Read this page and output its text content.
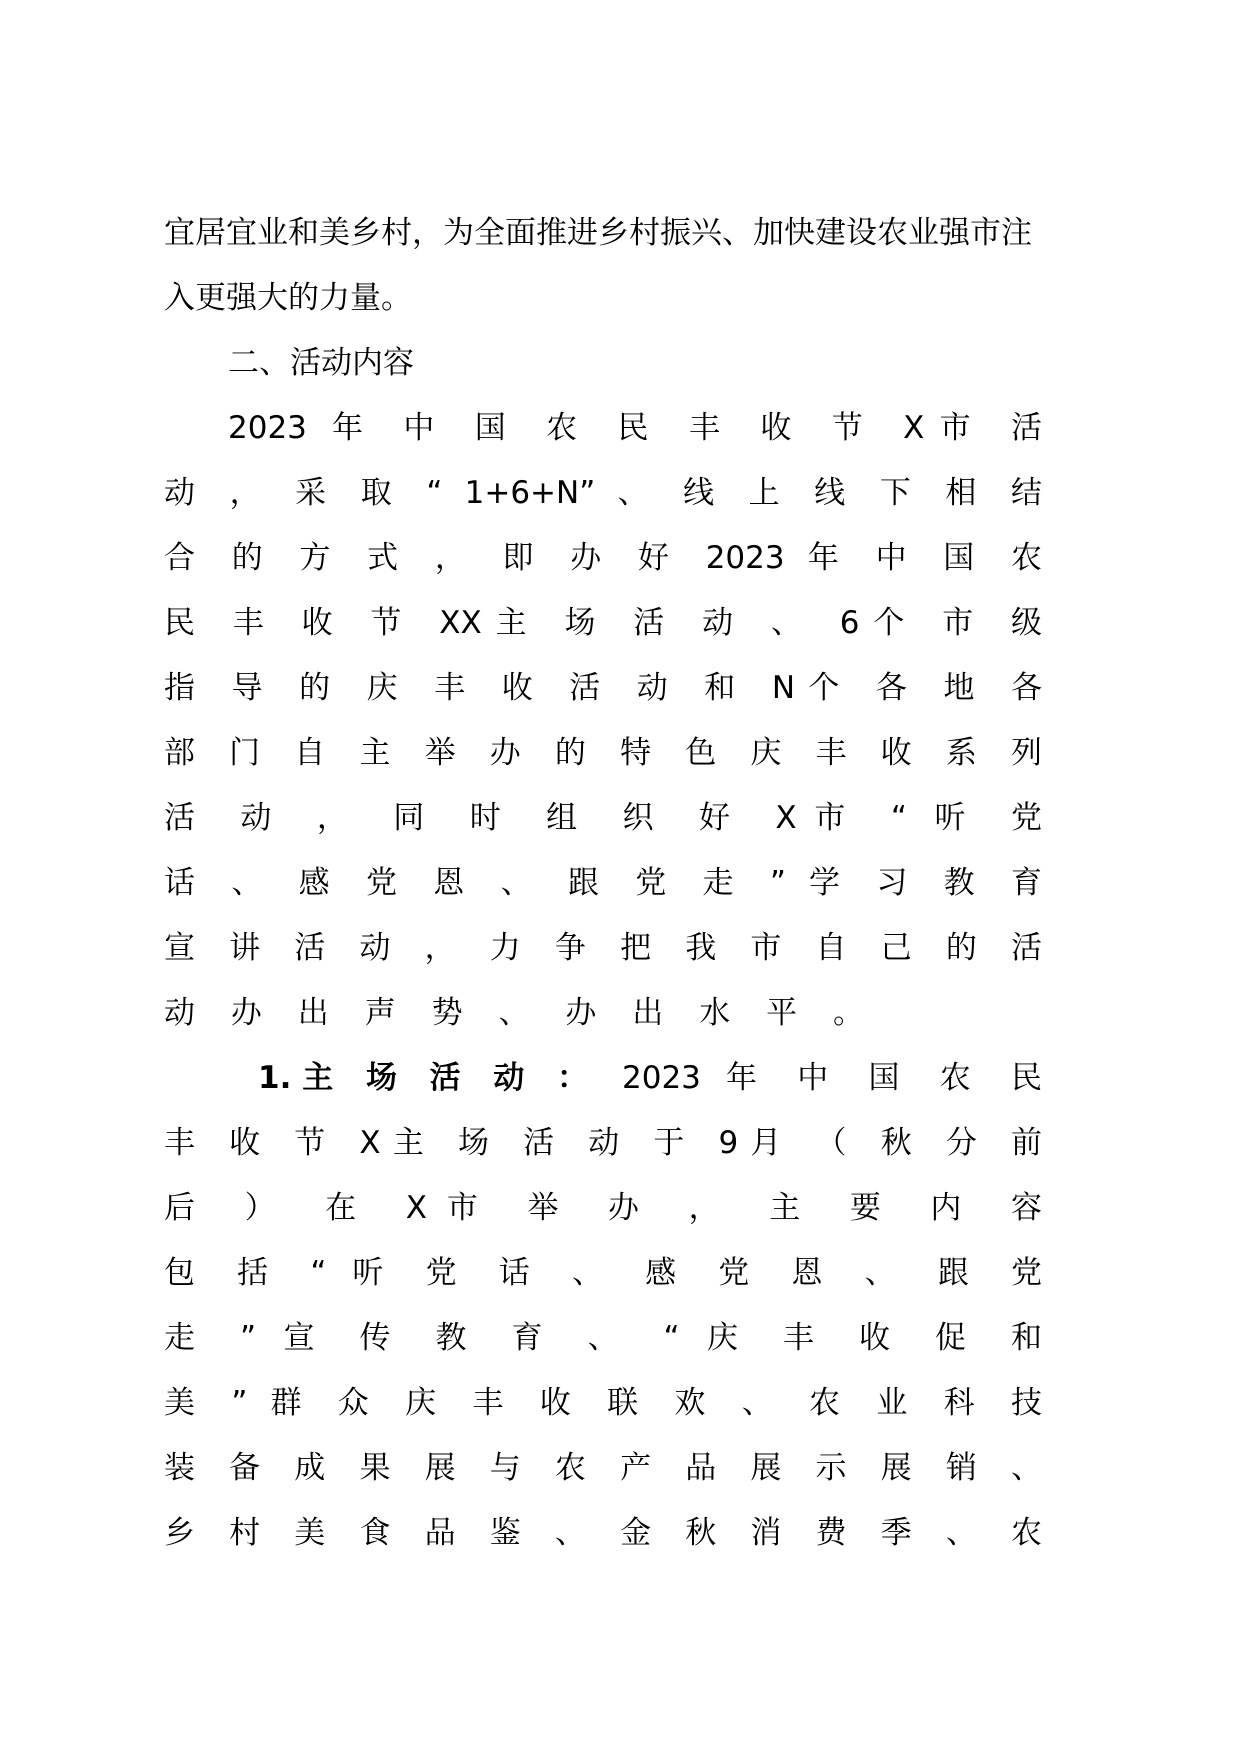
宜居宜业和美乡村，为全面推进乡村振兴、加快建设农业强市注
入更强大的力量。
二、活动内容
2023 年 中 国 农 民 丰 收 节 X市 活
动 ， 采 取 “ 1+6+N” 、 线 上 线 下 相 结
合 的 方 式 ， 即 办 好 2023 年 中 国 农
民 丰 收 节 XX主 场 活 动 、 6个 市 级
指 导 的 庆 丰 收 活 动 和 N个 各 地 各
部 门 自 主 举 办 的 特 色 庆 丰 收 系 列
活 动 ， 同 时 组 织 好 X市 “ 听 党
话 、 感 党 恩 、 跟 党 走 ” 学 习 教 育
宣 讲 活 动 ， 力 争 把 我 市 自 己 的 活
动 办 出 声 势 、 办 出 水 平 。
1.主 场 活 动 ： 2023 年 中 国 农 民
丰 收 节 X主 场 活 动 于 9月 （ 秋 分 前
后 ） 在 X市 举 办 ， 主 要 内 容
包 括 “ 听 党 话 、 感 党 恩 、 跟 党
走 ” 宣 传 教 育 、 “ 庆 丰 收 促 和
美 ” 群 众 庆 丰 收 联 欢 、 农 业 科 技
装 备 成 果 展 与 农 产 品 展 示 展 销 、
乡 村 美 食 品 鉴 、 金 秋 消 费 季 、 农
